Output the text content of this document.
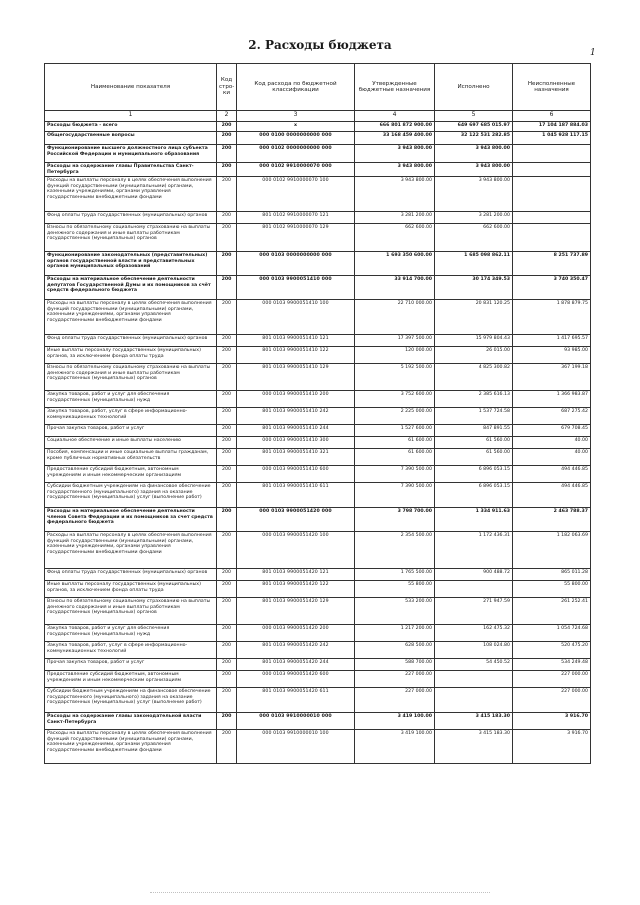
2. Расходы бюджета
1
Наименование показателя	Код стро- ки	Код расхода по бюджетной классификации	Утвержденные бюджетные назначения	Исполнено	Неисполненные назначения
1	2	3	4	5	6
Расходы бюджета - всего	200	x	666 801 872 900.00	649 697 685 015.97	17 104 187 884.03
Общегосударственные вопросы	200	000 0100 0000000000 000	33 168 459 400.00	32 122 531 282.85	1 045 928 117.15
Функционирование высшего должностного лица субъекта Российской Федерации и муниципального образования	200	000 0102 0000000000 000	3 943 800.00	3 943 800.00	
Расходы на содержание главы Правительства Санкт-Петербурга	200	000 0102 9910000070 000	3 943 800.00	3 943 800.00	
Расходы на выплаты персоналу в целях обеспечения выполнения функций государственными (муниципальными) органами, казенными учреждениями, органами управления государственными внебюджетными фондами	200	000 0102 9910000070 100	3 943 800.00	3 943 800.00	
Фонд оплаты труда государственных (муниципальных) органов	200	801 0102 9910000070 121	3 281 200.00	3 281 200.00	
Взносы по обязательному социальному страхованию на выплаты денежного содержания и иные выплаты работникам государственных (муниципальных) органов	200	801 0102 9910000070 129	662 600.00	662 600.00	
Функционирование законодательных (представительных) органов государственной власти и представительных органов муниципальных образований	200	000 0103 0000000000 000	1 693 350 600.00	1 685 098 862.11	8 251 737.89
Расходы на материальное обеспечение деятельности депутатов Государственной Думы и их помощников за счёт средств федерального бюджета	200	000 0103 9900051410 000	33 914 700.00	30 174 349.53	3 740 350.47
Расходы на выплаты персоналу в целях обеспечения выполнения функций государственными (муниципальными) органами, казенными учреждениями, органами управления государственными внебюджетными фондами	200	000 0103 9900051410 100	22 710 000.00	20 831 120.25	1 878 879.75
Фонд оплаты труда государственных (муниципальных) органов	200	801 0103 9900051410 121	17 397 500.00	15 979 804.43	1 417 695.57
Иные выплаты персоналу государственных (муниципальных) органов, за исключением фонда оплаты труда	200	801 0103 9900051410 122	120 000.00	26 015.00	93 985.00
Взносы по обязательному социальному страхованию на выплаты денежного содержания и иные выплаты работникам государственных (муниципальных) органов	200	801 0103 9900051410 129	5 192 500.00	4 825 300.82	367 199.18
Закупка товаров, работ и услуг для обеспечения государственных (муниципальных) нужд	200	000 0103 9900051410 200	3 752 600.00	2 385 616.13	1 366 983.87
Закупка товаров, работ, услуг в сфере информационно-коммуникационных технологий	200	801 0103 9900051410 242	2 225 000.00	1 537 724.58	687 275.42
Прочая закупка товаров, работ и услуг	200	801 0103 9900051410 244	1 527 600.00	847 891.55	679 708.45
Социальное обеспечение и иные выплаты населению	200	000 0103 9900051410 300	61 600.00	61 560.00	40.00
Пособия, компенсации и иные социальные выплаты гражданам, кроме публичных нормативных обязательств	200	801 0103 9900051410 321	61 600.00	61 560.00	40.00
Предоставление субсидий бюджетным, автономным учреждениям и иным некоммерческим организациям	200	000 0103 9900051410 600	7 390 500.00	6 896 053.15	494 446.85
Субсидии бюджетным учреждениям на финансовое обеспечение государственного (муниципального) задания на оказание государственных (муниципальных) услуг (выполнение работ)	200	801 0103 9900051410 611	7 390 500.00	6 896 053.15	494 446.85
Расходы на материальное обеспечение деятельности членов Совета Федерации и их помощников за счет средств федерального бюджета	200	000 0103 9900051420 000	3 798 700.00	1 334 911.63	2 463 788.37
Расходы на выплаты персоналу в целях обеспечения выполнения функций государственными (муниципальными) органами, казенными учреждениями, органами управления государственными внебюджетными фондами	200	000 0103 9900051420 100	2 354 500.00	1 172 436.31	1 182 063.69
Фонд оплаты труда государственных (муниципальных) органов	200	801 0103 9900051420 121	1 765 500.00	900 488.72	865 011.28
Иные выплаты персоналу государственных (муниципальных) органов, за исключением фонда оплаты труда	200	801 0103 9900051420 122	55 800.00		55 800.00
Взносы по обязательному социальному страхованию на выплаты денежного содержания и иные выплаты работникам государственных (муниципальных) органов	200	801 0103 9900051420 129	533 200.00	271 947.59	261 252.41
Закупка товаров, работ и услуг для обеспечения государственных (муниципальных) нужд	200	000 0103 9900051420 200	1 217 200.00	162 475.32	1 054 724.68
Закупка товаров, работ, услуг в сфере информационно-коммуникационных технологий	200	801 0103 9900051420 242	628 500.00	108 024.80	520 475.20
Прочая закупка товаров, работ и услуг	200	801 0103 9900051420 244	588 700.00	54 450.52	534 249.48
Предоставление субсидий бюджетным, автономным учреждениям и иным некоммерческим организациям	200	000 0103 9900051420 600	227 000.00		227 000.00
Субсидии бюджетным учреждениям на финансовое обеспечение государственного (муниципального) задания на оказание государственных (муниципальных) услуг (выполнение работ)	200	801 0103 9900051420 611	227 000.00		227 000.00
Расходы на содержание главы законодательной власти Санкт-Петербурга	200	000 0103 9910000010 000	3 419 100.00	3 415 183.30	3 916.70
Расходы на выплаты персоналу в целях обеспечения выполнения функций государственными (муниципальными) органами, казенными учреждениями, органами управления государственными внебюджетными фондами	200	000 0103 9910000010 100	3 419 100.00	3 415 183.30	3 916.70
